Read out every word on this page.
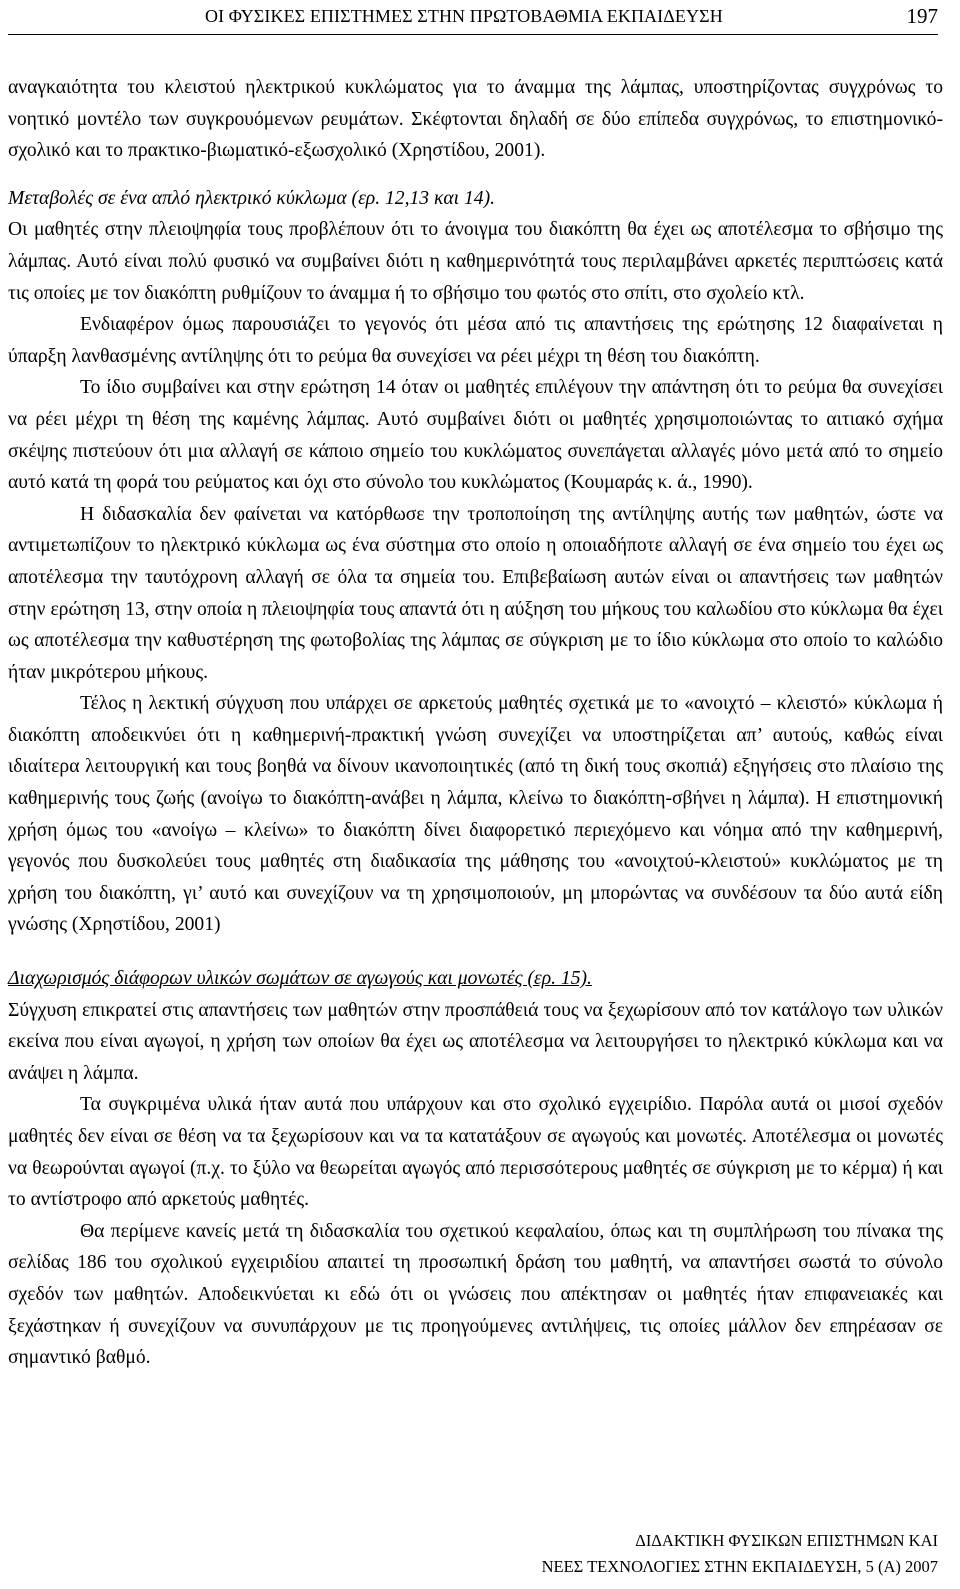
ΟΙ ΦΥΣΙΚΕΣ ΕΠΙΣΤΗΜΕΣ ΣΤΗΝ ΠΡΩΤΟΒΑΘΜΙΑ ΕΚΠΑΙΔΕΥΣΗ	197

αναγκαιότητα του κλειστού ηλεκτρικού κυκλώματος για το άναμμα της λάμπας, υποστηρίζοντας συγχρόνως το νοητικό μοντέλο των συγκρουόμενων ρευμάτων. Σκέφτονται δηλαδή σε δύο επίπεδα συγχρόνως, το επιστημονικό-σχολικό και το πρακτικο-βιωματικό-εξωσχολικό (Χρηστίδου, 2001).

Μεταβολές σε ένα απλό ηλεκτρικό κύκλωμα (ερ. 12,13 και 14).

Οι μαθητές στην πλειοψηφία τους προβλέπουν ότι το άνοιγμα του διακόπτη θα έχει ως αποτέλεσμα το σβήσιμο της λάμπας. Αυτό είναι πολύ φυσικό να συμβαίνει διότι η καθημερινότητά τους περιλαμβάνει αρκετές περιπτώσεις κατά τις οποίες με τον διακόπτη ρυθμίζουν το άναμμα ή το σβήσιμο του φωτός στο σπίτι, στο σχολείο κτλ.

Ενδιαφέρον όμως παρουσιάζει το γεγονός ότι μέσα από τις απαντήσεις της ερώτησης 12 διαφαίνεται η ύπαρξη λανθασμένης αντίληψης ότι το ρεύμα θα συνεχίσει να ρέει μέχρι τη θέση του διακόπτη.

Το ίδιο συμβαίνει και στην ερώτηση 14 όταν οι μαθητές επιλέγουν την απάντηση ότι το ρεύμα θα συνεχίσει να ρέει μέχρι τη θέση της καμένης λάμπας. Αυτό συμβαίνει διότι οι μαθητές χρησιμοποιώντας το αιτιακό σχήμα σκέψης πιστεύουν ότι μια αλλαγή σε κάποιο σημείο του κυκλώματος συνεπάγεται αλλαγές μόνο μετά από το σημείο αυτό κατά τη φορά του ρεύματος και όχι στο σύνολο του κυκλώματος (Κουμαράς κ. ά., 1990).

Η διδασκαλία δεν φαίνεται να κατόρθωσε την τροποποίηση της αντίληψης αυτής των μαθητών, ώστε να αντιμετωπίζουν το ηλεκτρικό κύκλωμα ως ένα σύστημα στο οποίο η οποιαδήποτε αλλαγή σε ένα σημείο του έχει ως αποτέλεσμα την ταυτόχρονη αλλαγή σε όλα τα σημεία του. Επιβεβαίωση αυτών είναι οι απαντήσεις των μαθητών στην ερώτηση 13, στην οποία η πλειοψηφία τους απαντά ότι η αύξηση του μήκους του καλωδίου στο κύκλωμα θα έχει ως αποτέλεσμα την καθυστέρηση της φωτοβολίας της λάμπας σε σύγκριση με το ίδιο κύκλωμα στο οποίο το καλώδιο ήταν μικρότερου μήκους.

Τέλος η λεκτική σύγχυση που υπάρχει σε αρκετούς μαθητές σχετικά με το «ανοιχτό – κλειστό» κύκλωμα ή διακόπτη αποδεικνύει ότι η καθημερινή-πρακτική γνώση συνεχίζει να υποστηρίζεται απ’ αυτούς, καθώς είναι ιδιαίτερα λειτουργική και τους βοηθά να δίνουν ικανοποιητικές (από τη δική τους σκοπιά) εξηγήσεις στο πλαίσιο της καθημερινής τους ζωής (ανοίγω το διακόπτη-ανάβει η λάμπα, κλείνω το διακόπτη-σβήνει η λάμπα). Η επιστημονική χρήση όμως του «ανοίγω – κλείνω» το διακόπτη δίνει διαφορετικό περιεχόμενο και νόημα από την καθημερινή, γεγονός που δυσκολεύει τους μαθητές στη διαδικασία της μάθησης του «ανοιχτού-κλειστού» κυκλώματος με τη χρήση του διακόπτη, γι’ αυτό και συνεχίζουν να τη χρησιμοποιούν, μη μπορώντας να συνδέσουν τα δύο αυτά είδη γνώσης (Χρηστίδου, 2001)

Διαχωρισμός διάφορων υλικών σωμάτων σε αγωγούς και μονωτές (ερ. 15).

Σύγχυση επικρατεί στις απαντήσεις των μαθητών στην προσπάθειά τους να ξεχωρίσουν από τον κατάλογο των υλικών εκείνα που είναι αγωγοί, η χρήση των οποίων θα έχει ως αποτέλεσμα να λειτουργήσει το ηλεκτρικό κύκλωμα και να ανάψει η λάμπα.

Τα συγκριμένα υλικά ήταν αυτά που υπάρχουν και στο σχολικό εγχειρίδιο. Παρόλα αυτά οι μισοί σχεδόν μαθητές δεν είναι σε θέση να τα ξεχωρίσουν και να τα κατατάξουν σε αγωγούς και μονωτές. Αποτέλεσμα οι μονωτές να θεωρούνται αγωγοί (π.χ. το ξύλο να θεωρείται αγωγός από περισσότερους μαθητές σε σύγκριση με το κέρμα) ή και το αντίστροφο από αρκετούς μαθητές.

Θα περίμενε κανείς μετά τη διδασκαλία του σχετικού κεφαλαίου, όπως και τη συμπλήρωση του πίνακα της σελίδας 186 του σχολικού εγχειριδίου απαιτεί τη προσωπική δράση του μαθητή, να απαντήσει σωστά το σύνολο σχεδόν των μαθητών. Αποδεικνύεται κι εδώ ότι οι γνώσεις που απέκτησαν οι μαθητές ήταν επιφανειακές και ξεχάστηκαν ή συνεχίζουν να συνυπάρχουν με τις προηγούμενες αντιλήψεις, τις οποίες μάλλον δεν επηρέασαν σε σημαντικό βαθμό.

ΔΙΔΑΚΤΙΚΗ ΦΥΣΙΚΩΝ ΕΠΙΣΤΗΜΩΝ ΚΑΙ
ΝΕΕΣ ΤΕΧΝΟΛΟΓΙΕΣ ΣΤΗΝ ΕΚΠΑΙΔΕΥΣΗ, 5 (Α) 2007
